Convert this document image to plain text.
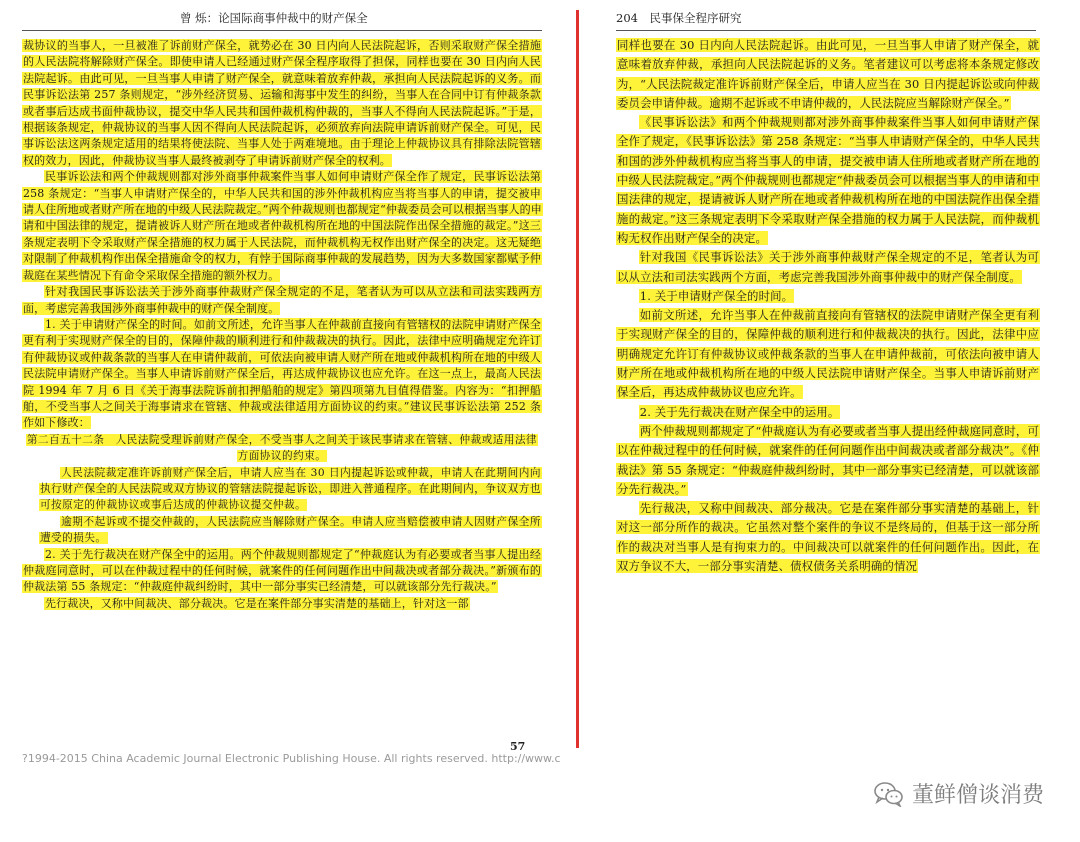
曾 烁：论国际商事仲裁中的财产保全

裁协议的当事人，一旦被准了诉前财产保全，就势必在 30 日内向人民法院起诉，否则采取财产保全措施的人民法院将解除财产保全。即使申请人已经通过财产保全程序取得了担保，同样也要在 30 日内向人民法院起诉。由此可见，一旦当事人申请了财产保全，就意味着放弃仲裁，承担向人民法院起诉的义务。而民事诉讼法第 257 条则规定，“涉外经济贸易、运输和海事中发生的纠纷，当事人在合同中订有仲裁条款或者事后达成书面仲裁协议，提交中华人民共和国仲裁机构仲裁的，当事人不得向人民法院起诉。”于是，根据该条规定，仲裁协议的当事人因不得向人民法院起诉，必须放弃向法院申请诉前财产保全。可见，民事诉讼法这两条规定适用的结果将使法院、当事人处于两难境地。由于理论上仲裁协议具有排除法院管辖权的效力，因此，仲裁协议当事人最终被剥夺了申请诉前财产保全的权利。

民事诉讼法和两个仲裁规则都对涉外商事仲裁案件当事人如何申请财产保全作了规定，民事诉讼法第 258 条规定：“当事人申请财产保全的，中华人民共和国的涉外仲裁机构应当将当事人的申请，提交被申请人住所地或者财产所在地的中级人民法院裁定。”两个仲裁规则也都规定“仲裁委员会可以根据当事人的申请和中国法律的规定，提请被诉人财产所在地或者仲裁机构所在地的中国法院作出保全措施的裁定。”这三条规定表明下令采取财产保全措施的权力属于人民法院，而仲裁机构无权作出财产保全的决定。这无疑绝对限制了仲裁机构作出保全措施命令的权力，有悖于国际商事仲裁的发展趋势，因为大多数国家都赋予仲裁庭在某些情况下有命令采取保全措施的额外权力。

针对我国民事诉讼法关于涉外商事仲裁财产保全规定的不足，笔者认为可以从立法和司法实践两方面，考虑完善我国涉外商事仲裁中的财产保全制度。

1. 关于申请财产保全的时间。如前文所述，允许当事人在仲裁前直接向有管辖权的法院申请财产保全更有利于实现财产保全的目的，保障仲裁的顺利进行和仲裁裁决的执行。因此，法律中应明确规定允许订有仲裁协议或仲裁条款的当事人在申请仲裁前，可依法向被申请人财产所在地或仲裁机构所在地的中级人民法院申请财产保全。当事人申请诉前财产保全后，再达成仲裁协议也应允许。在这一点上，最高人民法院 1994 年 7 月 6 日《关于海事法院诉前扣押船舶的规定》第四项第九目值得借鉴。内容为：“扣押船舶，不受当事人之间关于海事请求在管辖、仲裁或法律适用方面协议的约束。”建议民事诉讼法第 252 条作如下修改：

第二百五十二条　人民法院受理诉前财产保全，不受当事人之间关于该民事请求在管辖、仲裁或适用法律方面协议的约束。

人民法院裁定准许诉前财产保全后，申请人应当在 30 日内提起诉讼或仲裁，申请人在此期间内向执行财产保全的人民法院或双方协议的管辖法院提起诉讼，即进入普通程序。在此期间内，争议双方也可按原定的仲裁协议或事后达成的仲裁协议提交仲裁。

逾期不起诉或不提交仲裁的，人民法院应当解除财产保全。申请人应当赔偿被申请人因财产保全所遭受的损失。

2. 关于先行裁决在财产保全中的运用。两个仲裁规则都规定了“仲裁庭认为有必要或者当事人提出经仲裁庭同意时，可以在仲裁过程中的任何时候，就案件的任何问题作出中间裁决或者部分裁决。”新颁布的仲裁法第 55 条规定：“仲裁庭仲裁纠纷时，其中一部分事实已经清楚，可以就该部分先行裁决。”

先行裁决，又称中间裁决、部分裁决。它是在案件部分事实清楚的基础上，针对这一部

57
?1994-2015 China Academic Journal Electronic Publishing House. All rights reserved. http://www.c
204　民事保全程序研究

同样也要在 30 日内向人民法院起诉。由此可见，一旦当事人申请了财产保全，就意味着放弃仲裁，承担向人民法院起诉的义务。笔者建议可以考虑将本条规定修改为，“人民法院裁定准许诉前财产保全后，申请人应当在 30 日内提起诉讼或向仲裁委员会申请仲裁。逾期不起诉或不申请仲裁的，人民法院应当解除财产保全。”

《民事诉讼法》和两个仲裁规则都对涉外商事仲裁案件当事人如何申请财产保全作了规定，《民事诉讼法》第 258 条规定：“当事人申请财产保全的，中华人民共和国的涉外仲裁机构应当将当事人的申请，提交被申请人住所地或者财产所在地的中级人民法院裁定。”两个仲裁规则也都规定“仲裁委员会可以根据当事人的申请和中国法律的规定，提请被诉人财产所在地或者仲裁机构所在地的中国法院作出保全措施的裁定。”这三条规定表明下令采取财产保全措施的权力属于人民法院，而仲裁机构无权作出财产保全的决定。

针对我国《民事诉讼法》关于涉外商事仲裁财产保全规定的不足，笔者认为可以从立法和司法实践两个方面，考虑完善我国涉外商事仲裁中的财产保全制度。

1. 关于申请财产保全的时间。

如前文所述，允许当事人在仲裁前直接向有管辖权的法院申请财产保全更有利于实现财产保全的目的，保障仲裁的顺利进行和仲裁裁决的执行。因此，法律中应明确规定允许订有仲裁协议或仲裁条款的当事人在申请仲裁前，可依法向被申请人财产所在地或仲裁机构所在地的中级人民法院申请财产保全。当事人申请诉前财产保全后，再达成仲裁协议也应允许。

2. 关于先行裁决在财产保全中的运用。

两个仲裁规则都规定了“仲裁庭认为有必要或者当事人提出经仲裁庭同意时，可以在仲裁过程中的任何时候，就案件的任何问题作出中间裁决或者部分裁决”。《仲裁法》第 55 条规定：“仲裁庭仲裁纠纷时，其中一部分事实已经清楚，可以就该部分先行裁决。”

先行裁决，又称中间裁决、部分裁决。它是在案件部分事实清楚的基础上，针对这一部分所作的裁决。它虽然对整个案件的争议不是终局的，但基于这一部分所作的裁决对当事人是有拘束力的。中间裁决可以就案件的任何问题作出。因此，在双方争议不大，一部分事实清楚、债权债务关系明确的情况

董鲜僧谈消费
